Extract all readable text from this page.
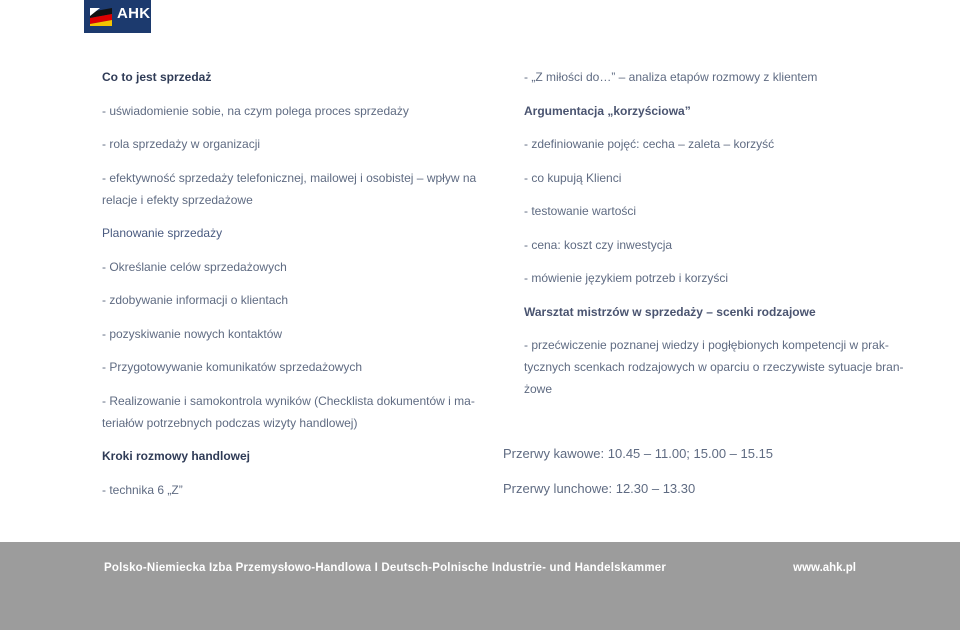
AHK

Co to jest sprzedaż

- uświadomienie sobie, na czym polega proces sprzedaży

- rola sprzedaży w organizacji

- efektywność sprzedaży telefonicznej, mailowej i osobistej – wpływ na

relacje i efekty sprzedażowe

Planowanie sprzedaży

- Określanie celów sprzedażowych

- zdobywanie informacji o klientach

- pozyskiwanie nowych kontaktów

- Przygotowywanie komunikatów sprzedażowych

- Realizowanie i samokontrola wyników (Checklista dokumentów i ma-

teriałów potrzebnych podczas wizyty handlowej)

Kroki rozmowy handlowej

- technika 6 „Z”

- „Z miłości do…” – analiza etapów rozmowy z klientem

Argumentacja „korzyściowa”

- zdefiniowanie pojęć: cecha – zaleta – korzyść

- co kupują Klienci

- testowanie wartości

- cena: koszt czy inwestycja

- mówienie językiem potrzeb i korzyści

Warsztat mistrzów w sprzedaży – scenki rodzajowe

- przećwiczenie poznanej wiedzy i pogłębionych kompetencji w prak-

tycznych scenkach rodzajowych w oparciu o rzeczywiste sytuacje bran-

żowe

Przerwy kawowe: 10.45 – 11.00; 15.00 – 15.15

Przerwy lunchowe: 12.30 – 13.30

Polsko-Niemiecka Izba Przemysłowo-Handlowa I Deutsch-Polnische Industrie- und Handelskammer	www.ahk.pl
